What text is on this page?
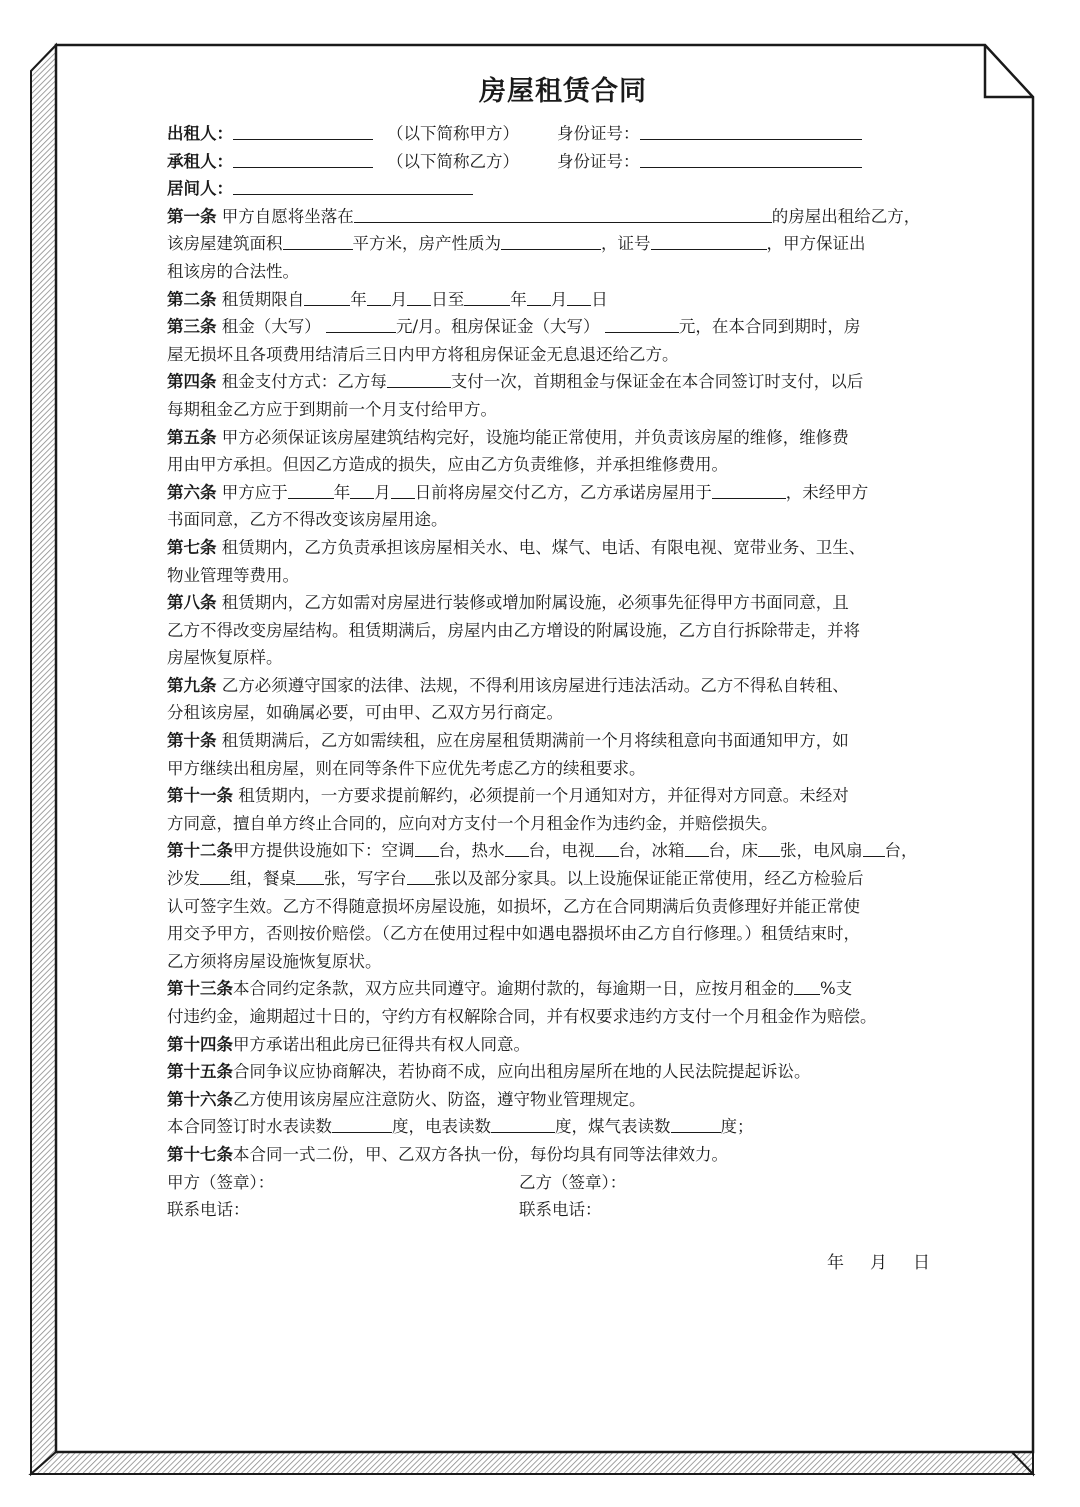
房屋租赁合同
出租人：	（以下简称甲方） 身份证号：
承租人：	（以下简称乙方） 身份证号：
居间人：
第一条 甲方自愿将坐落在	的房屋出租给乙方，
该房屋建筑面积	平方米，房产性质为	，证号	，甲方保证出
租该房的合法性。
第二条 租赁期限自	年 月 日至	年 月 日
第三条 租金（大写）	元/月。租房保证金（大写）	元，在本合同到期时，房
屋无损坏且各项费用结清后三日内甲方将租房保证金无息退还给乙方。
第四条 租金支付方式：乙方每	支付一次，首期租金与保证金在本合同签订时支付，以后
每期租金乙方应于到期前一个月支付给甲方。
第五条 甲方必须保证该房屋建筑结构完好，设施均能正常使用，并负责该房屋的维修，维修费
用由甲方承担。但因乙方造成的损失，应由乙方负责维修，并承担维修费用。
第六条 甲方应于	年 月 日前将房屋交付乙方，乙方承诺房屋用于	，未经甲方
书面同意，乙方不得改变该房屋用途。
第七条 租赁期内，乙方负责承担该房屋相关水、电、煤气、电话、有限电视、宽带业务、卫生、
物业管理等费用。
第八条 租赁期内，乙方如需对房屋进行装修或增加附属设施，必须事先征得甲方书面同意，且
乙方不得改变房屋结构。租赁期满后，房屋内由乙方增设的附属设施，乙方自行拆除带走，并将
房屋恢复原样。
第九条 乙方必须遵守国家的法律、法规，不得利用该房屋进行违法活动。乙方不得私自转租、
分租该房屋，如确属必要，可由甲、乙双方另行商定。
第十条 租赁期满后，乙方如需续租，应在房屋租赁期满前一个月将续租意向书面通知甲方，如
甲方继续出租房屋，则在同等条件下应优先考虑乙方的续租要求。
第十一条 租赁期内，一方要求提前解约，必须提前一个月通知对方，并征得对方同意。未经对
方同意，擅自单方终止合同的，应向对方支付一个月租金作为违约金，并赔偿损失。
第十二条甲方提供设施如下：空调 台，热水 台，电视 台，冰箱 台，床 张，电风扇 台，
沙发 组，餐桌 张，写字台 张以及部分家具。以上设施保证能正常使用，经乙方检验后
认可签字生效。乙方不得随意损坏房屋设施，如损坏，乙方在合同期满后负责修理好并能正常使
用交予甲方，否则按价赔偿。（乙方在使用过程中如遇电器损坏由乙方自行修理。）租赁结束时，
乙方须将房屋设施恢复原状。
第十三条本合同约定条款，双方应共同遵守。逾期付款的，每逾期一日，应按月租金的 %支
付违约金，逾期超过十日的，守约方有权解除合同，并有权要求违约方支付一个月租金作为赔偿。
第十四条甲方承诺出租此房已征得共有权人同意。
第十五条合同争议应协商解决，若协商不成，应向出租房屋所在地的人民法院提起诉讼。
第十六条乙方使用该房屋应注意防火、防盗，遵守物业管理规定。
本合同签订时水表读数	度，电表读数	度，煤气表读数	度；
第十七条本合同一式二份，甲、乙双方各执一份，每份均具有同等法律效力。
甲方（签章）：	乙方（签章）：
联系电话：	联系电话：
年 月 日
